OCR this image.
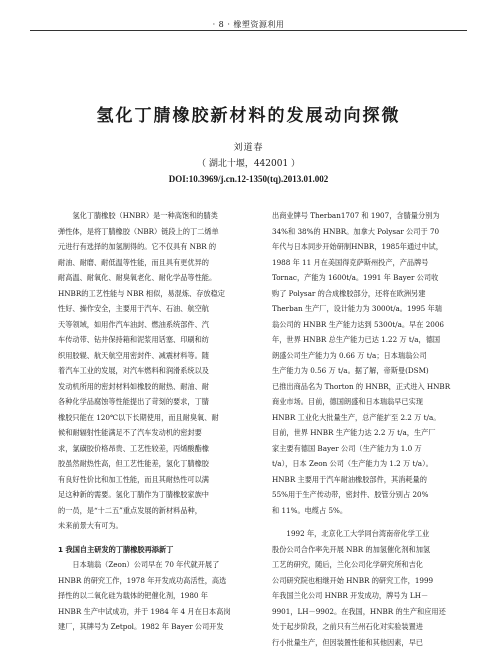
· 8 · 橡塑资源利用
氢化丁腈橡胶新材料的发展动向探微
刘道春
（ 湖北十堰，442001 ）
DOI:10.3969/j.cn.12-1350(tq).2013.01.002
　　氢化丁腈橡胶（HNBR）是一种高饱和的腈类
弹性体，是将丁腈橡胶（NBR）链段上的丁二烯单
元进行有选择的加氢制得的。它不仅具有 NBR 的
耐油、耐磨、耐低温等性能，而且具有更优异的
耐高温、耐氧化、耐臭氧老化、耐化学品等性能。
HNBR的工艺性能与 NBR 相似，易混炼、存放稳定
性好、操作安全，主要用于汽车、石油、航空航
天等领域，如用作汽车油封、燃油系统部件、汽
车传动带、钻井保持箱和泥浆用话塞、印刷和纺
织用胶辊、航天航空用密封件、减震材料等。随
着汽车工业的发展，对汽车燃料和润滑系统以及
发动机所用的密封材料如橡胶的耐热、耐油、耐
各种化学品腐蚀等性能提出了苛刻的要求，丁腈
橡胶只能在 120℃以下长期使用，而且耐臭氧、耐
候和耐辐射性能满足不了汽车发动机的密封要
求，氯磺胶价格昂贵、工艺性较差，丙烯酸酯橡
胶虽然耐热性高，但工艺性能差，氢化丁腈橡胶
有良好性价比和加工性能，而且其耐热性可以满
足这种新的需要。氢化丁腈作为丁腈橡胶家族中
的一员，是“十二五”重点发展的新材料品种，
未来前景大有可为。
1 我国自主研发的丁腈橡胶再添新丁
　　日本瑞翁（Zeon）公司早在 70 年代就开展了
HNBR 的研究工作，1978 年开发成功高活性，高选
择性的以二氧化硅为载体的钯催化剂，1980 年
HNBR 生产中试成功，并于 1984 年 4 月在日本高岗
建厂，其牌号为 Zetpol。1982 年 Bayer 公司开发
出商业牌号 Therban1707 和 1907，含腈量分别为
34%和 38%的 HNBR。加拿大 Polysar 公司于 70
年代与日本同步开始研制HNBR，1985年通过中试，
1988 年 11 月在美国得克萨斯州投产，产品牌号
Tornac，产能为 1600t/a。1991 年 Bayer 公司收
购了 Polysar 的合成橡胶部分，还将在欧洲另建
Therban 生产厂，设计能力为 3000t/a。1995 年瑞
翁公司的 HNBR 生产能力达到 5300t/a。早在 2006
年，世界 HNBR 总生产能力已达 1.22 万 t/a，德国
朗盛公司生产能力为 0.66 万 t/a；日本瑞翁公司
生产能力为 0.56 万 t/a。据了解，帝斯曼(DSM)
已推出商品名为 Thorton 的 HNBR，正式进入 HNBR
商业市场。目前，德国朗盛和日本瑞翁早已实现
HNBR 工业化大批量生产，总产能扩至 2.2 万 t/a。
目前，世界 HNBR 生产能力达 2.2 万 t/a，生产厂
家主要有德国 Bayer 公司（生产能力为 1.0 万
t/a），日本 Zeon 公司（生产能力为 1.2 万 t/a）。
HNBR 主要用于汽车耐油橡胶部件，其消耗量的
55%用于生产传动带，密封件、胶管分别占 20%
和 11%。电缆占 5%。
　　1992 年，北京化工大学同台湾南帝化学工业
股份公司合作率先开展 NBR 的加氢催化剂和加氢
工艺的研究，随后，兰化公司化学研究所和吉化
公司研究院也相继开始 HNBR 的研究工作，1999
年我国兰化公司 HNBR 开发成功，牌号为 LH－
9901，LH－9902。在我国，HNBR 的生产和应用还
处于起步阶段，之前只有兰州石化对实验装置进
行小批量生产，但因装置性能和其他因素，早已
